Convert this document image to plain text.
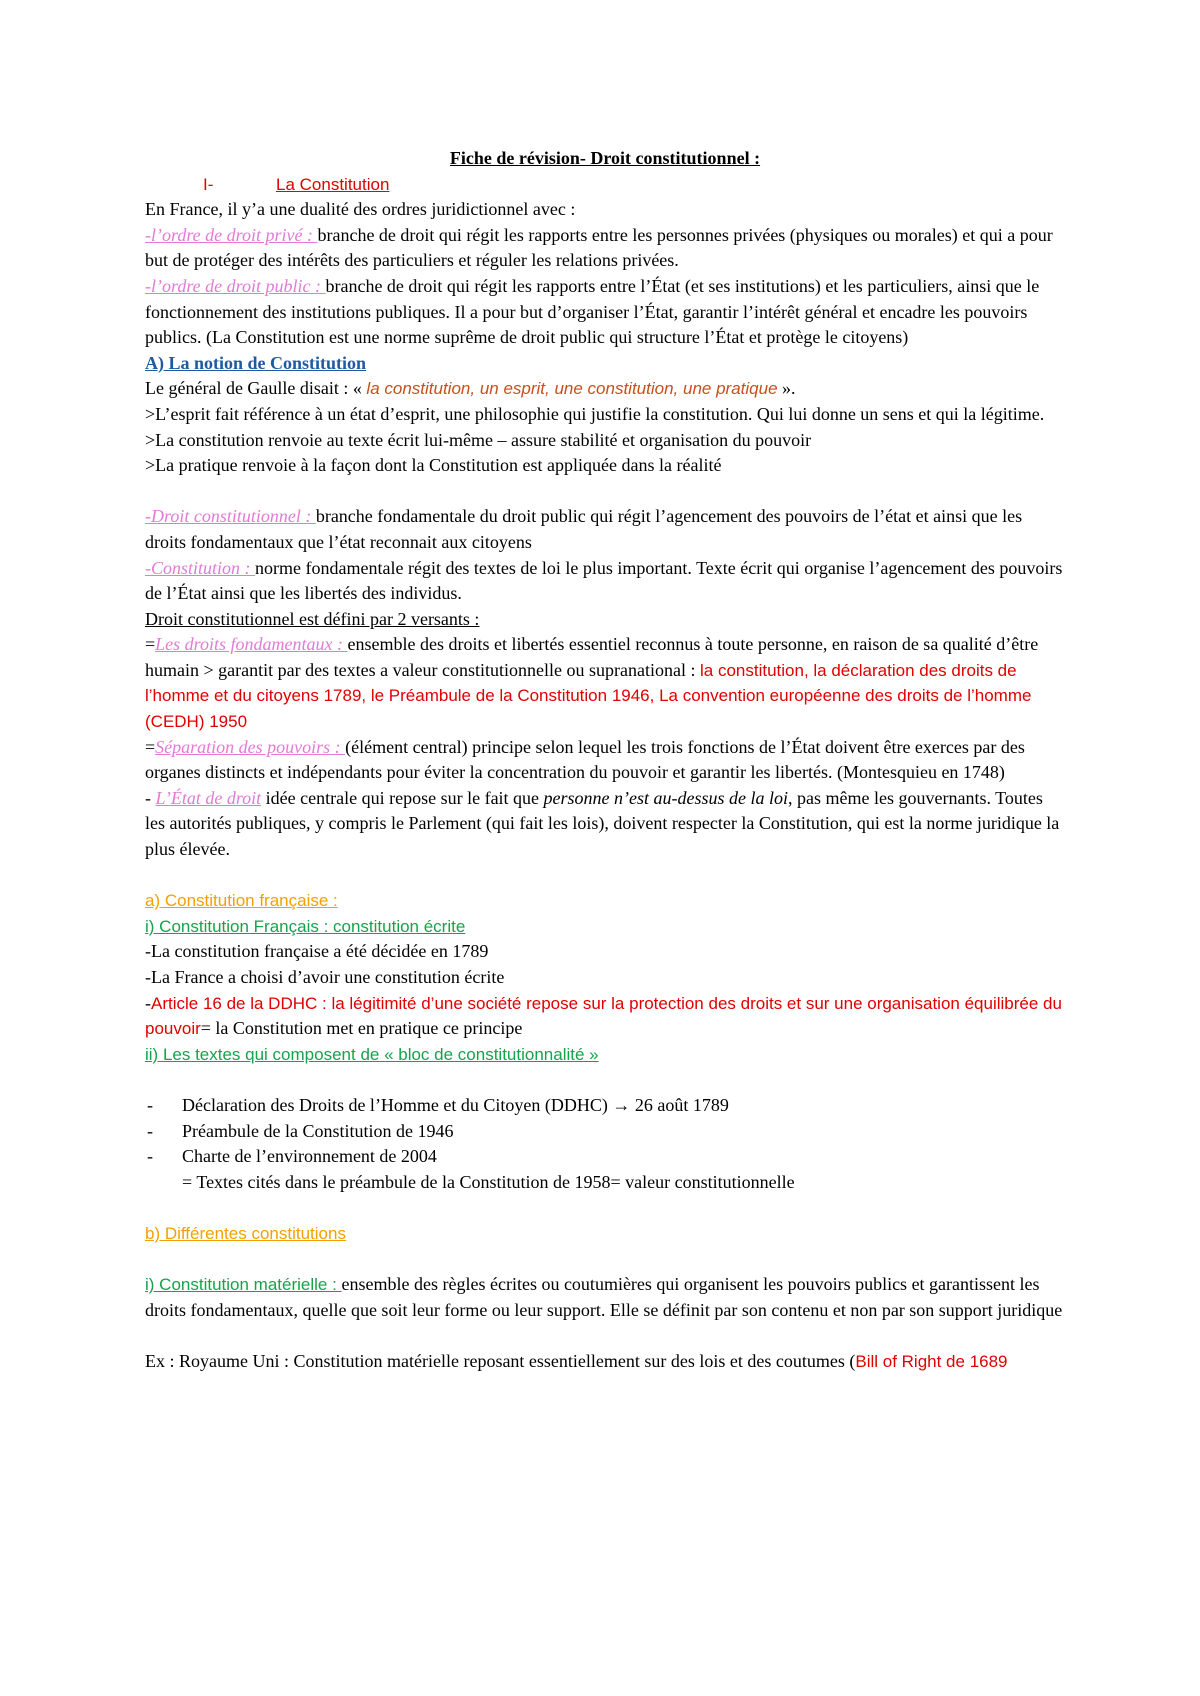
Fiche de révision- Droit constitutionnel :
I-	La Constitution
En France, il y’a une dualité des ordres juridictionnel avec :
-l’ordre de droit privé : branche de droit qui régit les rapports entre les personnes privées (physiques ou morales) et qui a pour but de protéger des intérêts des particuliers et réguler les relations privées.
-l’ordre de droit public : branche de droit qui régit les rapports entre l’État (et ses institutions) et les particuliers, ainsi que le fonctionnement des institutions publiques. Il a pour but d’organiser l’État, garantir l’intérêt général et encadre les pouvoirs publics. (La Constitution est une norme suprême de droit public qui structure l’État et protège le citoyens)
A) La notion de Constitution
Le général de Gaulle disait : « la constitution, un esprit, une constitution, une pratique ».
>L’esprit fait référence à un état d’esprit, une philosophie qui justifie la constitution. Qui lui donne un sens et qui la légitime.
>La constitution renvoie au texte écrit lui-même – assure stabilité et organisation du pouvoir
>La pratique renvoie à la façon dont la Constitution est appliquée dans la réalité
-Droit constitutionnel : branche fondamentale du droit public qui régit l’agencement des pouvoirs de l’état et ainsi que les droits fondamentaux que l’état reconnait aux citoyens
-Constitution : norme fondamentale régit des textes de loi le plus important. Texte écrit qui organise l’agencement des pouvoirs de l’État ainsi que les libertés des individus.
Droit constitutionnel est défini par 2 versants :
=Les droits fondamentaux : ensemble des droits et libertés essentiel reconnus à toute personne, en raison de sa qualité d’être humain > garantit par des textes a valeur constitutionnelle ou supranational : la constitution, la déclaration des droits de l’homme et du citoyens 1789, le Préambule de la Constitution 1946, La convention européenne des droits de l’homme (CEDH) 1950
=Séparation des pouvoirs : (élément central) principe selon lequel les trois fonctions de l’État doivent être exerces par des organes distincts et indépendants pour éviter la concentration du pouvoir et garantir les libertés. (Montesquieu en 1748)
- L’État de droit idée centrale qui repose sur le fait que personne n’est au-dessus de la loi, pas même les gouvernants. Toutes les autorités publiques, y compris le Parlement (qui fait les lois), doivent respecter la Constitution, qui est la norme juridique la plus élevée.
a) Constitution française :
i) Constitution Français : constitution écrite
-La constitution française a été décidée en 1789
-La France a choisi d’avoir une constitution écrite
-Article 16 de la DDHC : la légitimité d’une société repose sur la protection des droits et sur une organisation équilibrée du pouvoir= la Constitution met en pratique ce principe
ii) Les textes qui composent de « bloc de constitutionnalité »
- Déclaration des Droits de l’Homme et du Citoyen (DDHC) → 26 août 1789
- Préambule de la Constitution de 1946
- Charte de l’environnement de 2004
= Textes cités dans le préambule de la Constitution de 1958= valeur constitutionnelle
b) Différentes constitutions
i) Constitution matérielle : ensemble des règles écrites ou coutumières qui organisent les pouvoirs publics et garantissent les droits fondamentaux, quelle que soit leur forme ou leur support. Elle se définit par son contenu et non par son support juridique
Ex : Royaume Uni : Constitution matérielle reposant essentiellement sur des lois et des coutumes (Bill of Right de 1689
